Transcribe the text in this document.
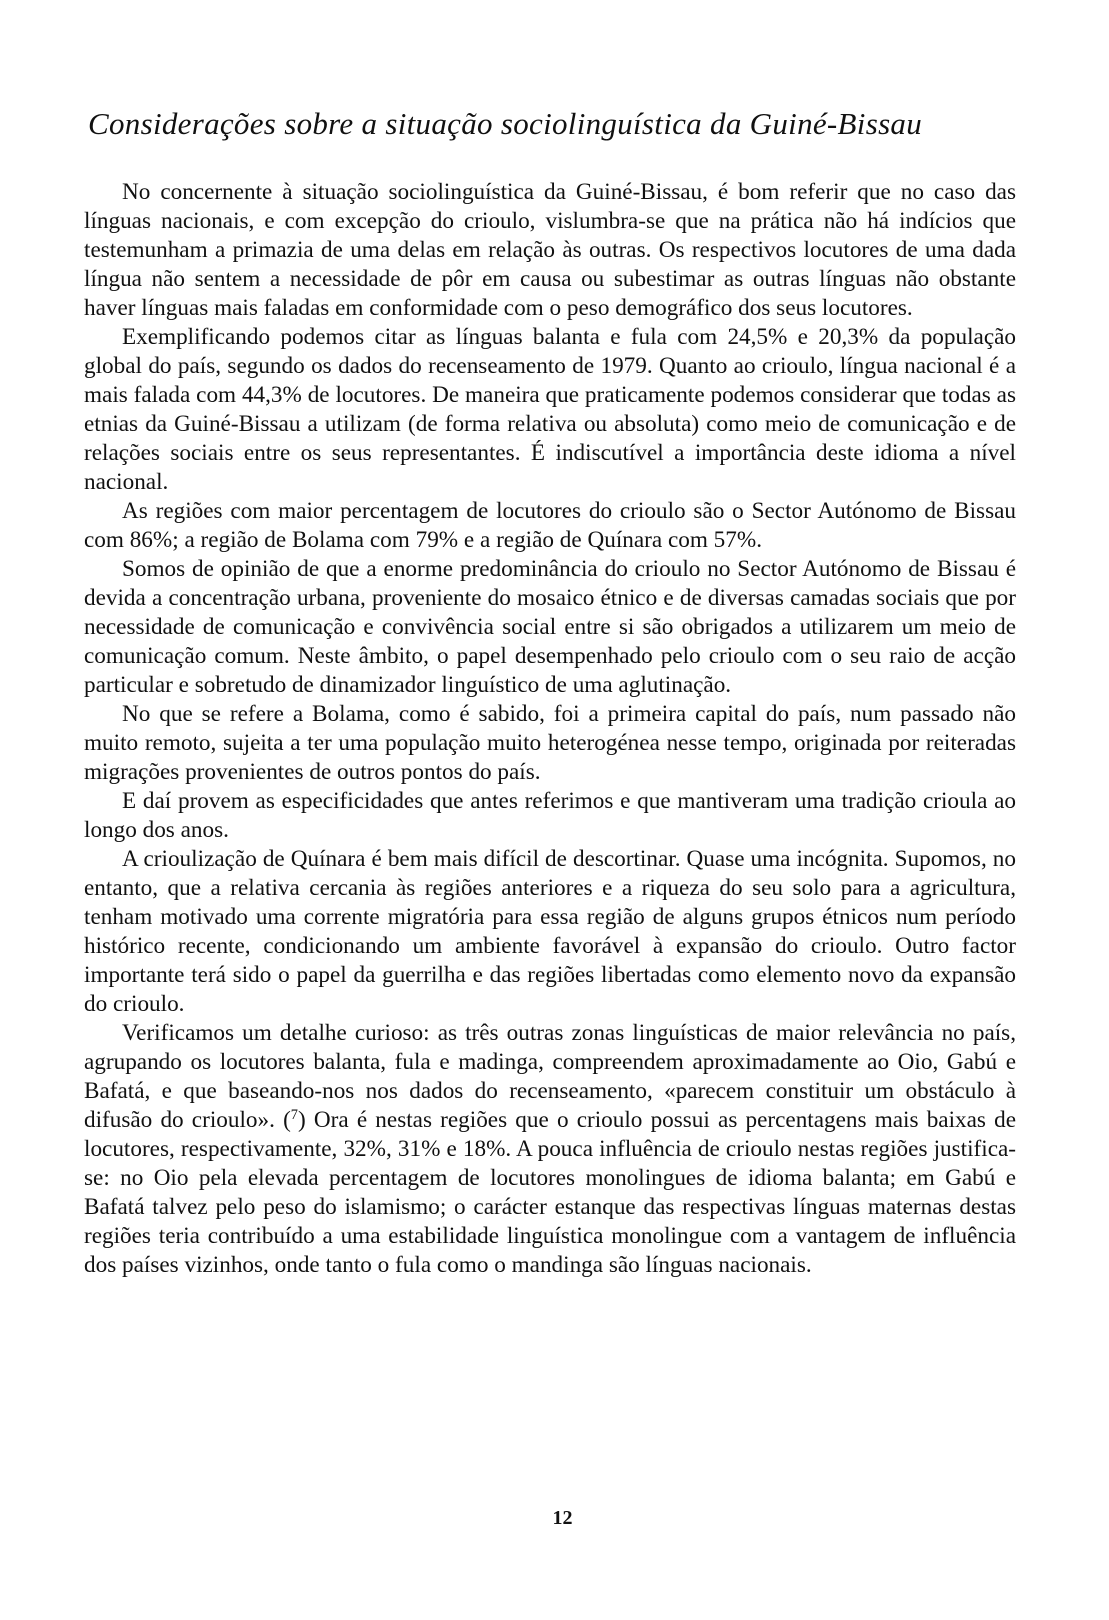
Considerações sobre a situação sociolinguística da Guiné-Bissau

No concernente à situação sociolinguística da Guiné-Bissau, é bom referir que no caso das línguas nacionais, e com excepção do crioulo, vislumbra-se que na prática não há indícios que testemunham a primazia de uma delas em relação às outras. Os respectivos locutores de uma dada língua não sentem a necessidade de pôr em causa ou subestimar as outras línguas não obstante haver línguas mais faladas em conformidade com o peso demográfico dos seus locutores.

Exemplificando podemos citar as línguas balanta e fula com 24,5% e 20,3% da população global do país, segundo os dados do recenseamento de 1979. Quanto ao crioulo, língua nacional é a mais falada com 44,3% de locutores. De maneira que praticamente podemos considerar que todas as etnias da Guiné-Bissau a utilizam (de forma relativa ou absoluta) como meio de comunicação e de relações sociais entre os seus representantes. É indiscutível a importância deste idioma a nível nacional.

As regiões com maior percentagem de locutores do crioulo são o Sector Autónomo de Bissau com 86%; a região de Bolama com 79% e a região de Quínara com 57%.

Somos de opinião de que a enorme predominância do crioulo no Sector Autónomo de Bissau é devida a concentração urbana, proveniente do mosaico étnico e de diversas camadas sociais que por necessidade de comunicação e convivência social entre si são obrigados a utilizarem um meio de comunicação comum. Neste âmbito, o papel desempenhado pelo crioulo com o seu raio de acção particular e sobretudo de dinamizador linguístico de uma aglutinação.

No que se refere a Bolama, como é sabido, foi a primeira capital do país, num passado não muito remoto, sujeita a ter uma população muito heterogénea nesse tempo, originada por reiteradas migrações provenientes de outros pontos do país.

E daí provem as especificidades que antes referimos e que mantiveram uma tradição crioula ao longo dos anos.

A crioulização de Quínara é bem mais difícil de descortinar. Quase uma incógnita. Supomos, no entanto, que a relativa cercania às regiões anteriores e a riqueza do seu solo para a agricultura, tenham motivado uma corrente migratória para essa região de alguns grupos étnicos num período histórico recente, condicionando um ambiente favorável à expansão do crioulo. Outro factor importante terá sido o papel da guerrilha e das regiões libertadas como elemento novo da expansão do crioulo.

Verificamos um detalhe curioso: as três outras zonas linguísticas de maior relevância no país, agrupando os locutores balanta, fula e madinga, compreendem aproximadamente ao Oio, Gabú e Bafatá, e que baseando-nos nos dados do recenseamento, «parecem constituir um obstáculo à difusão do crioulo». ($^7$) Ora é nestas regiões que o crioulo possui as percentagens mais baixas de locutores, respectivamente, 32%, 31% e 18%. A pouca influência de crioulo nestas regiões justifica-se: no Oio pela elevada percentagem de locutores monolingues de idioma balanta; em Gabú e Bafatá talvez pelo peso do islamismo; o carácter estanque das respectivas línguas maternas destas regiões teria contribuído a uma estabilidade linguística monolingue com a vantagem de influência dos países vizinhos, onde tanto o fula como o mandinga são línguas nacionais.

12
